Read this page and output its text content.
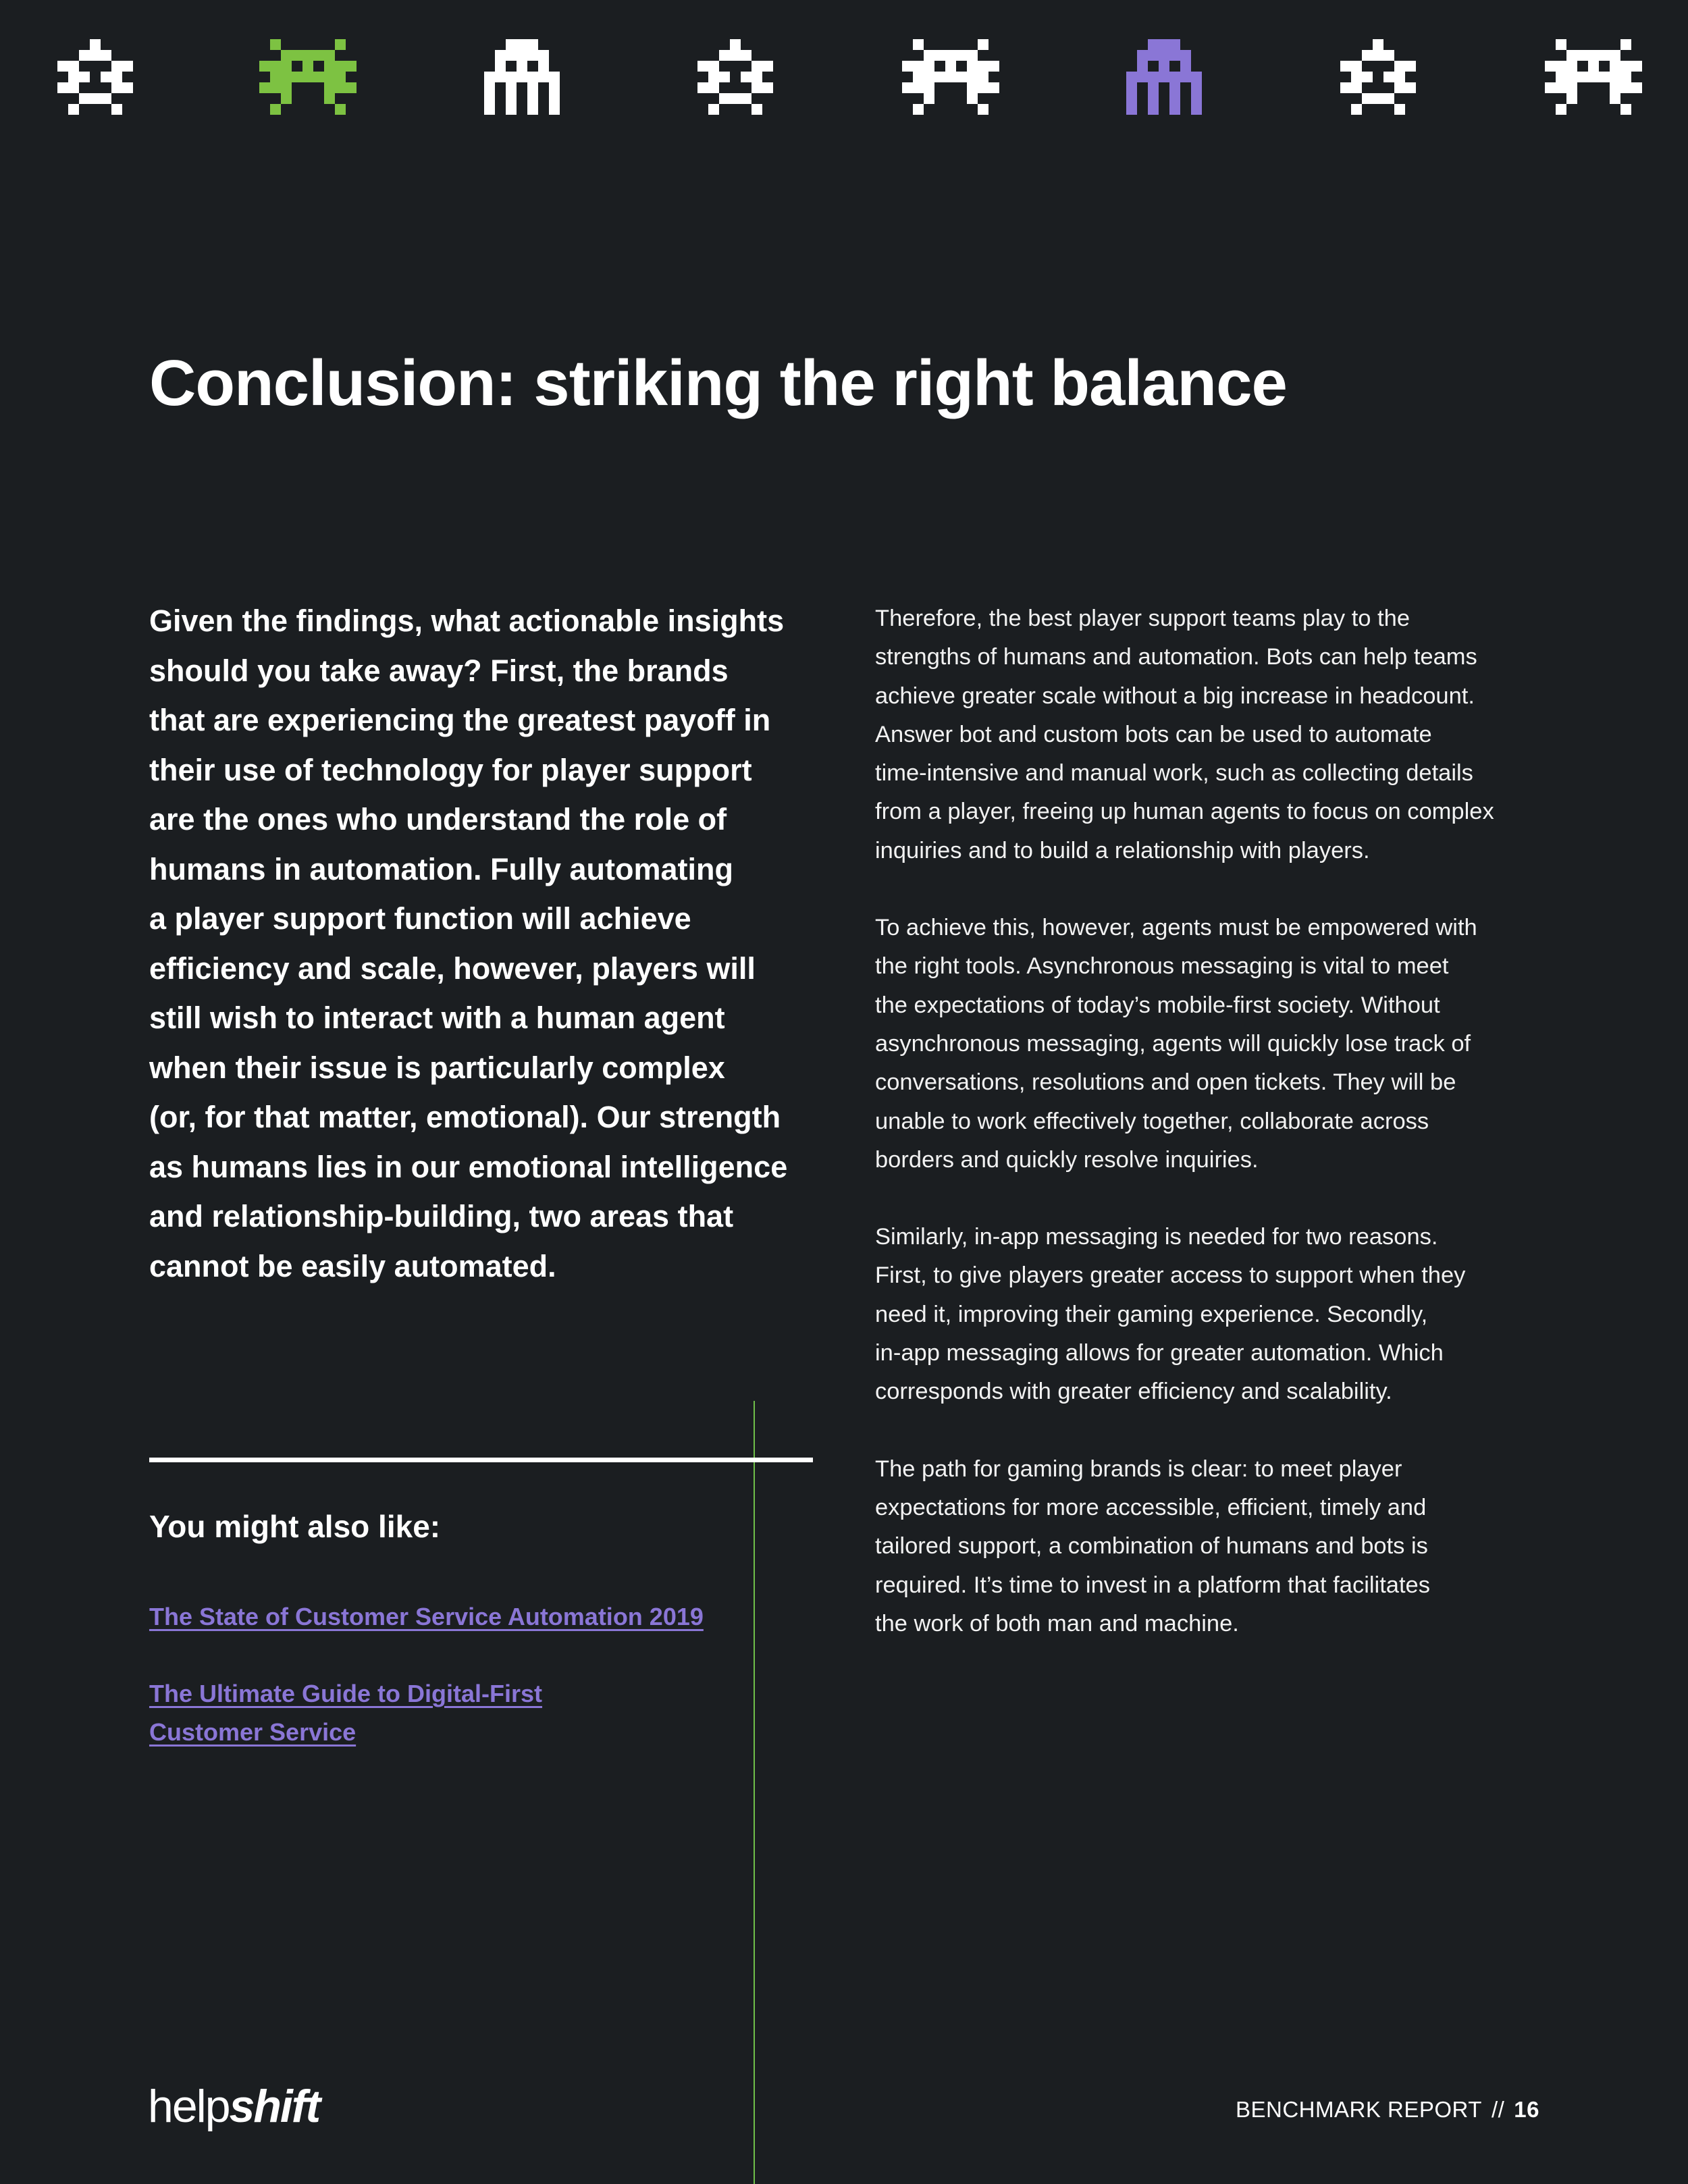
Conclusion: striking the right balance
Given the findings, what actionable insights
should you take away? First, the brands
that are experiencing the greatest payoff in
their use of technology for player support
are the ones who understand the role of
humans in automation. Fully automating
a player support function will achieve
efficiency and scale, however, players will
still wish to interact with a human agent
when their issue is particularly complex
(or, for that matter, emotional). Our strength
as humans lies in our emotional intelligence
and relationship-building, two areas that
cannot be easily automated.

Therefore, the best player support teams play to the
strengths of humans and automation. Bots can help teams
achieve greater scale without a big increase in headcount.
Answer bot and custom bots can be used to automate
time-intensive and manual work, such as collecting details
from a player, freeing up human agents to focus on complex
inquiries and to build a relationship with players.

To achieve this, however, agents must be empowered with
the right tools. Asynchronous messaging is vital to meet
the expectations of today’s mobile-first society. Without
asynchronous messaging, agents will quickly lose track of
conversations, resolutions and open tickets. They will be
unable to work effectively together, collaborate across
borders and quickly resolve inquiries.

Similarly, in-app messaging is needed for two reasons.
First, to give players greater access to support when they
need it, improving their gaming experience. Secondly,
in-app messaging allows for greater automation. Which
corresponds with greater efficiency and scalability.

The path for gaming brands is clear: to meet player
expectations for more accessible, efficient, timely and
tailored support, a combination of humans and bots is
required. It’s time to invest in a platform that facilitates
the work of both man and machine.

You might also like:
The State of Customer Service Automation 2019
The Ultimate Guide to Digital-First
Customer Service
helpshift	BENCHMARK REPORT // 16
